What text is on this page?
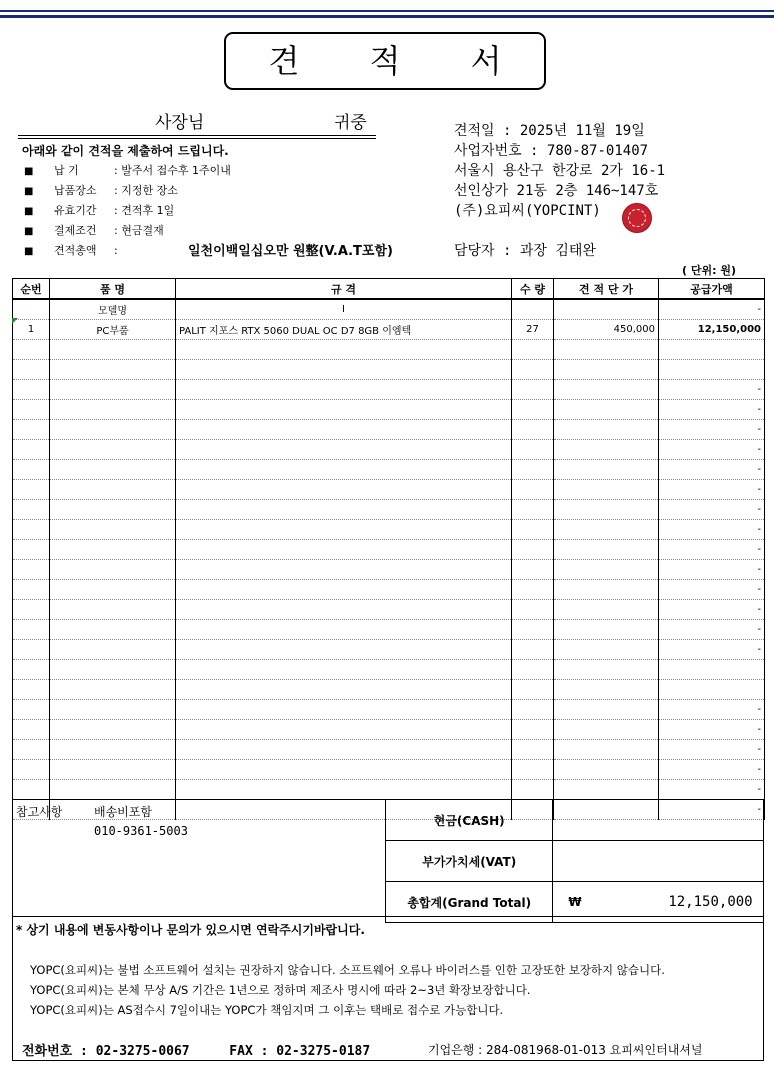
견 적 서
사장님	귀중
아래와 같이 견적을 제출하여 드립니다.
■ 납 기	: 발주서 접수후 1주이내
■ 납품장소 : 지정한 장소
■ 유효기간 : 견적후 1일
■ 결제조건 : 현금결재
■ 견적총액 :	일천이백일십오만 원整(V.A.T포함)
견적일 : 2025년 11월 19일
사업자번호 : 780-87-01407
서울시 용산구 한강로 2가 16-1
선인상가 21동 2층 146~147호
(주)요피씨(YOPCINT)
담당자 : 과장 김태완
( 단위: 원)
순번	품 명	규 격	수 량	견 적 단 가	공급가액
	모델명	I			-
1	PC부품	PALIT 지포스 RTX 5060 DUAL OC D7 8GB 이엠텍	27	450,000	12,150,000

					-
					-
					-
					-
					-
					-
					-
					-
					-
					-
					-
					-
					-
					-

					-
					-
					-
					-
					-
					-
참고사항	배송비포함
010-9361-5003
현금(CASH)	
부가가치세(VAT)	
총합계(Grand Total)	₩ 12,150,000
* 상기 내용에 변동사항이나 문의가 있으시면 연락주시기바랍니다.
YOPC(요피씨)는 불법 소프트웨어 설치는 권장하지 않습니다. 소프트웨어 오류나 바이러스를 인한 고장또한 보장하지 않습니다.
YOPC(요피씨)는 본체 무상 A/S 기간은 1년으로 정하며 제조사 명시에 따라 2~3년 확장보장합니다.
YOPC(요피씨)는 AS접수시 7일이내는 YOPC가 책임지며 그 이후는 택배로 접수로 가능합니다.
전화번호 : 02-3275-0067	FAX : 02-3275-0187	기업은행 : 284-081968-01-013 요피씨인터내셔널
